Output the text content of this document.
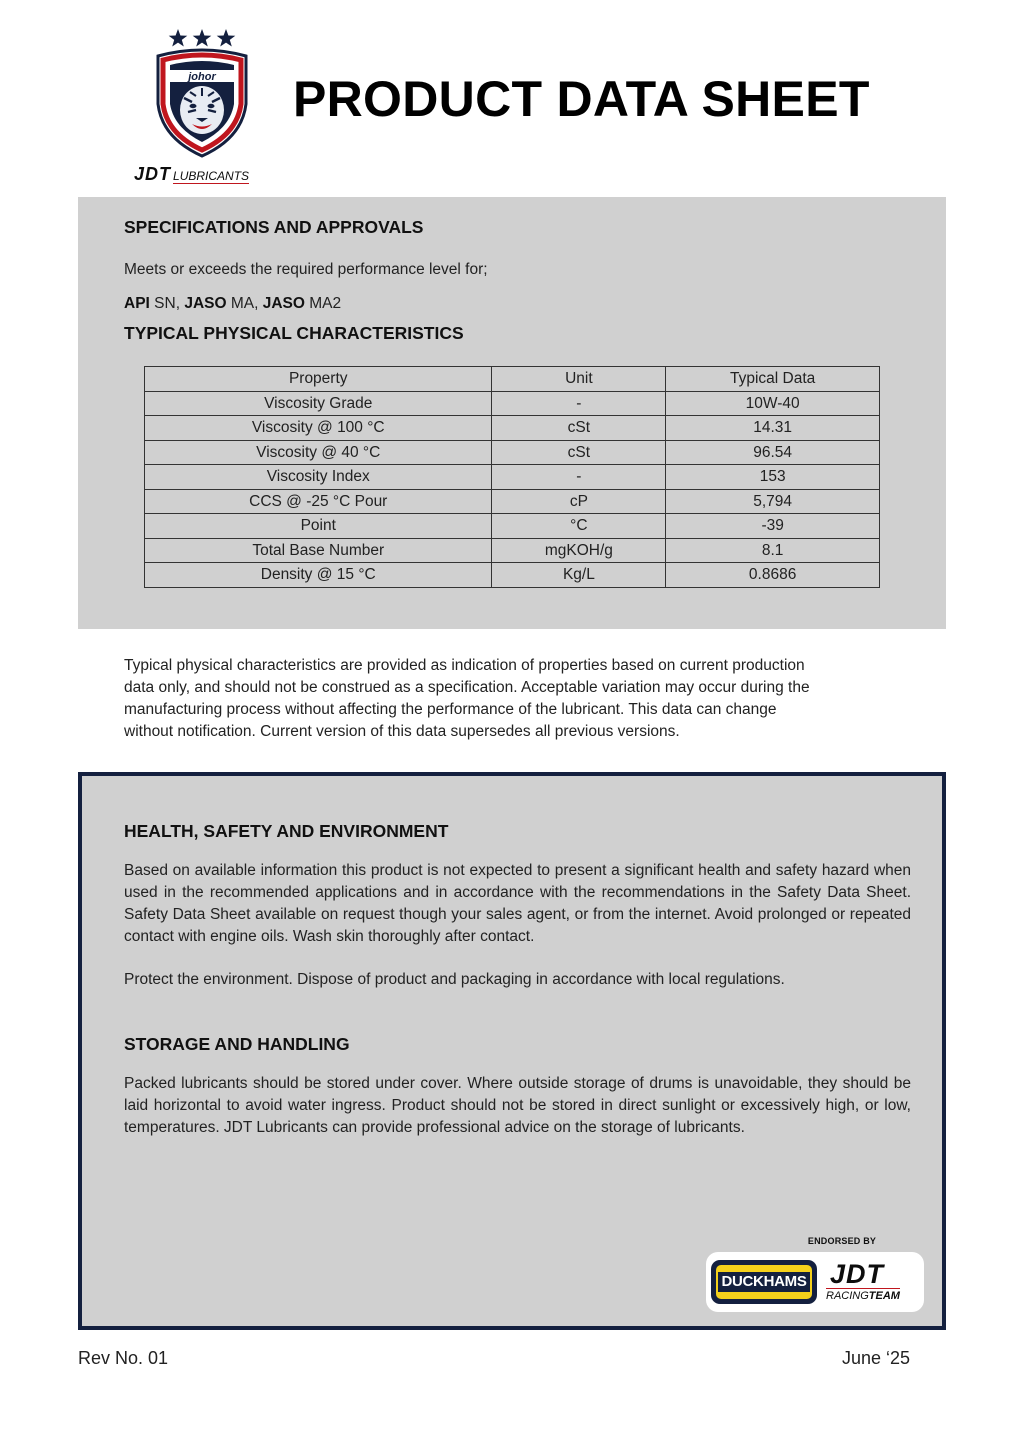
johor
JDT LUBRICANTS
PRODUCT DATA SHEET
SPECIFICATIONS AND APPROVALS

Meets or exceeds the required performance level for;

API SN, JASO MA, JASO MA2

TYPICAL PHYSICAL CHARACTERISTICS
Property	Unit	Typical Data
Viscosity Grade	-	10W-40
Viscosity @ 100 °C	cSt	14.31
Viscosity @ 40 °C	cSt	96.54
Viscosity Index	-	153
CCS @ -25 °C Pour	cP	5,794
Point	°C	-39
Total Base Number	mgKOH/g	8.1
Density @ 15 °C	Kg/L	0.8686

Typical physical characteristics are provided as indication of properties based on current production
data only, and should not be construed as a specification. Acceptable variation may occur during the
manufacturing process without affecting the performance of the lubricant. This data can change
without notification. Current version of this data supersedes all previous versions.

HEALTH, SAFETY AND ENVIRONMENT

Based on available information this product is not expected to present a significant health and safety hazard when used in the recommended applications and in accordance with the recommendations in the Safety Data Sheet. Safety Data Sheet available on request though your sales agent, or from the internet. Avoid prolonged or repeated contact with engine oils. Wash skin thoroughly after contact.

Protect the environment. Dispose of product and packaging in accordance with local regulations.

STORAGE AND HANDLING

Packed lubricants should be stored under cover. Where outside storage of drums is unavoidable, they should be laid horizontal to avoid water ingress. Product should not be stored in direct sunlight or excessively high, or low, temperatures. JDT Lubricants can provide professional advice on the storage of lubricants.

ENDORSED BY

DUCKHAMS JDT
RACINGTEAM

Rev No. 01	June ‘25
